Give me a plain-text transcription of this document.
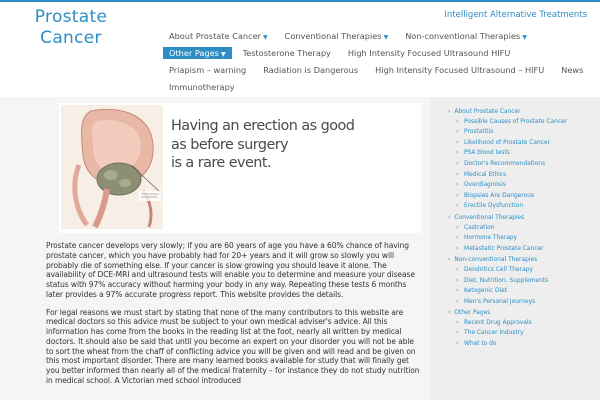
Prostate
Cancer
Intelligent Alternative Treatments
About Prostate Cancer ▼	Conventional Therapies ▼	Non-conventional Therapies ▼
Other Pages ▼	Testosterone Therapy	High Intensity Focused Ultrasound HIFU
Priapism – warning	Radiation is Dangerous	High Intensity Focused Ultrasound – HIFU	News
Immunotherapy
Having an erection as good
as before surgery
is a rare event.

Prostate cancer develops very slowly; if you are 60 years of age you have a 60% chance of having prostate cancer, which you have probably had for 20+ years and it will grow so slowly you will probably die of something else. If your cancer is slow growing you should leave it alone. The availability of DCE-MRI and ultrasound tests will enable you to determine and measure your disease status with 97% accuracy without harming your body in any way. Repeating these tests 6 months later provides a 97% accurate progress report. This website provides the details.

For legal reasons we must start by stating that none of the many contributors to this website are medical doctors so this advice must be subject to your own medical adviser's advice. All this information has come from the books in the reading list at the foot, nearly all written by medical doctors. It should also be said that until you become an expert on your disorder you will not be able to sort the wheat from the chaff of conflicting advice you will be given and will read and be given on this most important disorder. There are many learned books available for study that will finally get you better informed than nearly all of the medical fraternity – for instance they do not study nutrition in medical school. A Victorian med school introduced

› About Prostate Cancer
› Possible Causes of Prostate Cancer
› Prostatitis
› Likelihood of Prostate Cancer
› PSA blood tests
› Doctor's Recommendations
› Medical Ethics
› Overdiagnosis
› Biopsies Are Dangerous
› Erectile Dysfunction
› Conventional Therapies
› Castration
› Hormone Therapy
› Metastatic Prostate Cancer
› Non-conventional Therapies
› Dendritics Cell Therapy
› Diet, Nutrition, Supplements
› Ketogenic Diet
› Men's Personal Journeys
› Other Pages
› Recent Drug Approvals
› The Cancer Industry
› What to do
